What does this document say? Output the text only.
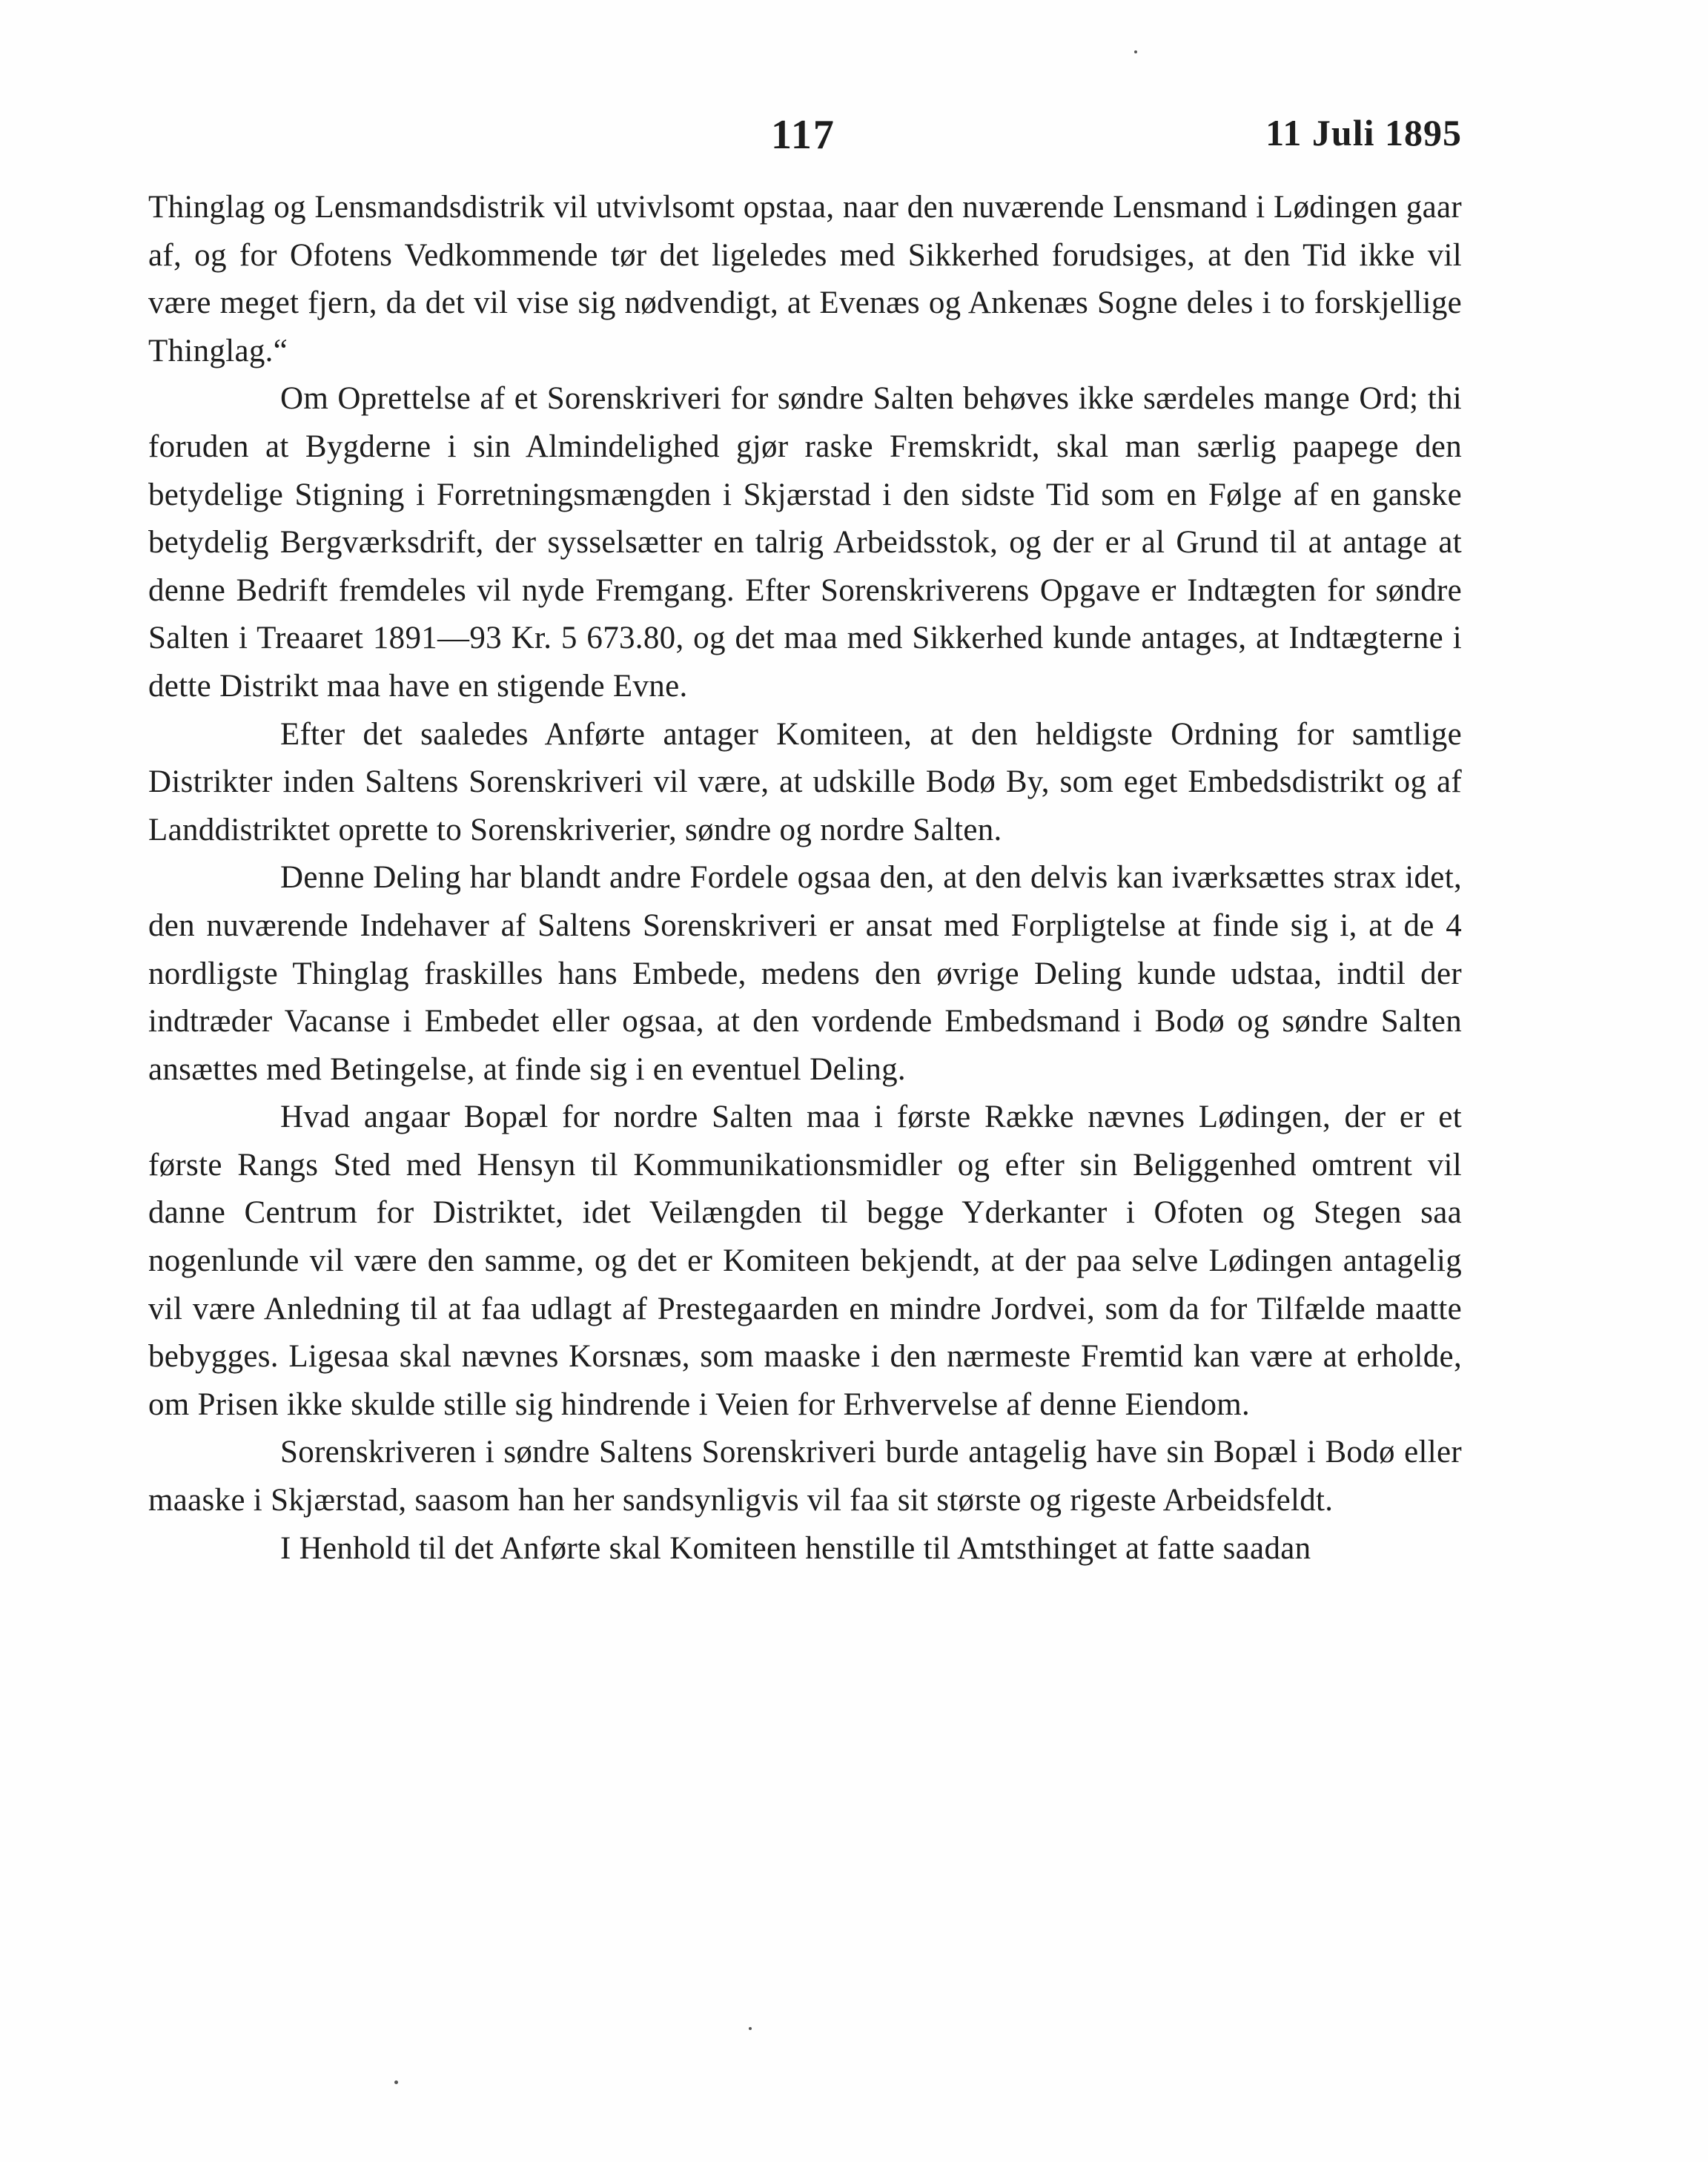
117	11 Juli 1895

Thinglag og Lensmandsdistrik vil utvivlsomt opstaa, naar den nuværende Lensmand i Lødingen gaar af, og for Ofotens Vedkommende tør det ligeledes med Sikkerhed forudsiges, at den Tid ikke vil være meget fjern, da det vil vise sig nødvendigt, at Evenæs og Ankenæs Sogne deles i to forskjellige Thinglag.“

Om Oprettelse af et Sorenskriveri for søndre Salten behøves ikke særdeles mange Ord; thi foruden at Bygderne i sin Almindelighed gjør raske Fremskridt, skal man særlig paapege den betydelige Stigning i Forretningsmængden i Skjærstad i den sidste Tid som en Følge af en ganske betydelig Bergværksdrift, der sysselsætter en talrig Arbeidsstok, og der er al Grund til at antage at denne Bedrift fremdeles vil nyde Fremgang. Efter Sorenskriverens Opgave er Indtægten for søndre Salten i Treaaret 1891—93 Kr. 5 673.80, og det maa med Sikkerhed kunde antages, at Indtægterne i dette Distrikt maa have en stigende Evne.

Efter det saaledes Anførte antager Komiteen, at den heldigste Ordning for samtlige Distrikter inden Saltens Sorenskriveri vil være, at udskille Bodø By, som eget Embedsdistrikt og af Landdistriktet oprette to Sorenskriverier, søndre og nordre Salten.

Denne Deling har blandt andre Fordele ogsaa den, at den delvis kan iværksættes strax idet, den nuværende Indehaver af Saltens Sorenskriveri er ansat med Forpligtelse at finde sig i, at de 4 nordligste Thinglag fraskilles hans Embede, medens den øvrige Deling kunde udstaa, indtil der indtræder Vacanse i Embedet eller ogsaa, at den vordende Embedsmand i Bodø og søndre Salten ansættes med Betingelse, at finde sig i en eventuel Deling.

Hvad angaar Bopæl for nordre Salten maa i første Række nævnes Lødingen, der er et første Rangs Sted med Hensyn til Kommunikationsmidler og efter sin Beliggenhed omtrent vil danne Centrum for Distriktet, idet Veilængden til begge Yderkanter i Ofoten og Stegen saa nogenlunde vil være den samme, og det er Komiteen bekjendt, at der paa selve Lødingen antagelig vil være Anledning til at faa udlagt af Prestegaarden en mindre Jordvei, som da for Tilfælde maatte bebygges. Ligesaa skal nævnes Korsnæs, som maaske i den nærmeste Fremtid kan være at erholde, om Prisen ikke skulde stille sig hindrende i Veien for Erhvervelse af denne Eiendom.

Sorenskriveren i søndre Saltens Sorenskriveri burde antagelig have sin Bopæl i Bodø eller maaske i Skjærstad, saasom han her sandsynligvis vil faa sit største og rigeste Arbeidsfeldt.

I Henhold til det Anførte skal Komiteen henstille til Amtsthinget at fatte saadan
